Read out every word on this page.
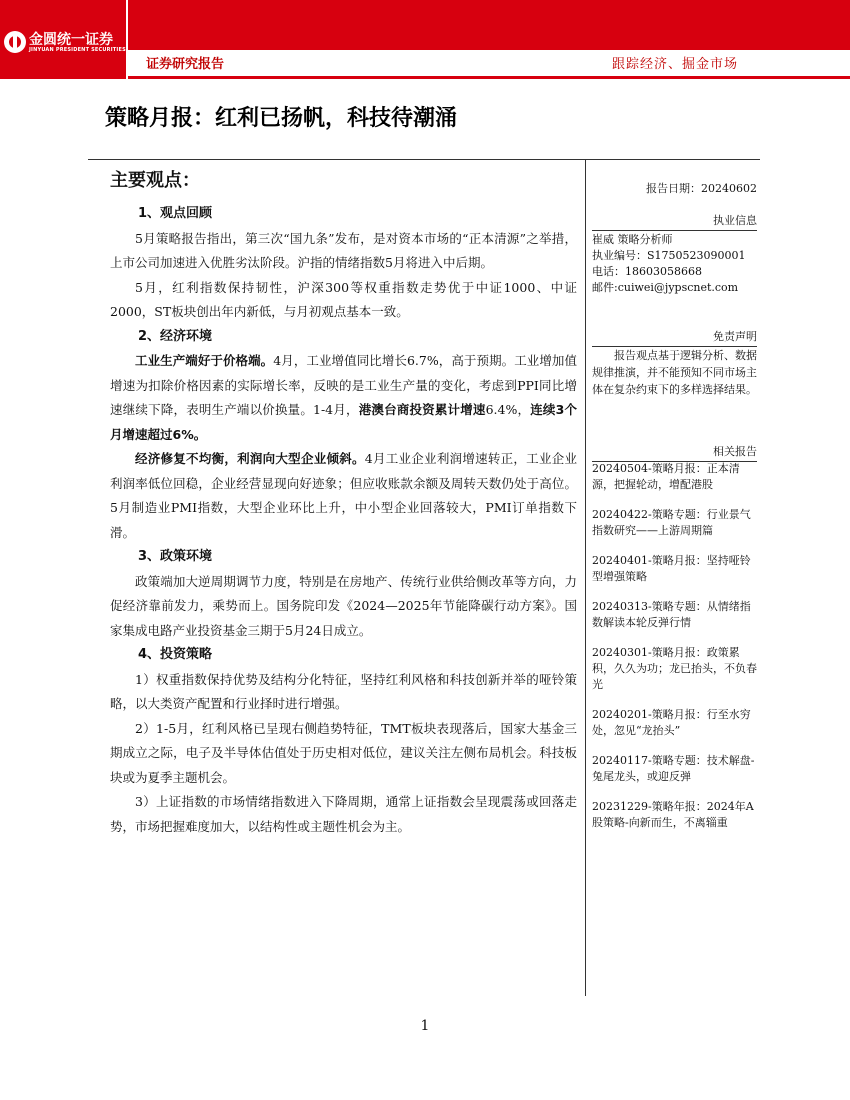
金圆统一证券
JINYUAN PRESIDENT SECURITIES
证券研究报告	跟踪经济、掘金市场
策略月报：红利已扬帆，科技待潮涌
主要观点：
1、观点回顾

5月策略报告指出，第三次“国九条”发布，是对资本市场的“正本清源”之举措，上市公司加速进入优胜劣汰阶段。沪指的情绪指数5月将进入中后期。

5月，红利指数保持韧性，沪深300等权重指数走势优于中证1000、中证2000，ST板块创出年内新低，与月初观点基本一致。

2、经济环境

工业生产端好于价格端。4月，工业增值同比增长6.7%，高于预期。工业增加值增速为扣除价格因素的实际增长率，反映的是工业生产量的变化，考虑到PPI同比增速继续下降，表明生产端以价换量。1-4月，港澳台商投资累计增速6.4%，连续3个月增速超过6%。

经济修复不均衡，利润向大型企业倾斜。4月工业企业利润增速转正，工业企业利润率低位回稳，企业经营显现向好迹象；但应收账款余额及周转天数仍处于高位。5月制造业PMI指数，大型企业环比上升，中小型企业回落较大，PMI订单指数下滑。

3、政策环境

政策端加大逆周期调节力度，特别是在房地产、传统行业供给侧改革等方向，力促经济靠前发力，乘势而上。国务院印发《2024—2025年节能降碳行动方案》。国家集成电路产业投资基金三期于5月24日成立。

4、投资策略

1）权重指数保持优势及结构分化特征，坚持红利风格和科技创新并举的哑铃策略，以大类资产配置和行业择时进行增强。

2）1-5月，红利风格已呈现右侧趋势特征，TMT板块表现落后，国家大基金三期成立之际，电子及半导体估值处于历史相对低位，建议关注左侧布局机会。科技板块或为夏季主题机会。

3）上证指数的市场情绪指数进入下降周期，通常上证指数会呈现震荡或回落走势，市场把握难度加大，以结构性或主题性机会为主。

报告日期：20240602
执业信息
崔威 策略分析师
执业编号：S1750523090001
电话：18603058668
邮件:cuiwei@jypscnet.com
免责声明
报告观点基于逻辑分析、数据规律推演，并不能预知不同市场主体在复杂约束下的多样选择结果。
相关报告
20240504-策略月报：正本清源，把握轮动，增配港股
20240422-策略专题：行业景气指数研究——上游周期篇
20240401-策略月报：坚持哑铃型增强策略
20240313-策略专题：从情绪指数解读本轮反弹行情
20240301-策略月报：政策累积，久久为功；龙已抬头，不负春光
20240201-策略月报：行至水穷处，忽见“龙抬头”
20240117-策略专题：技术解盘-兔尾龙头，或迎反弹
20231229-策略年报：2024年A股策略-向新而生，不离辎重
1
